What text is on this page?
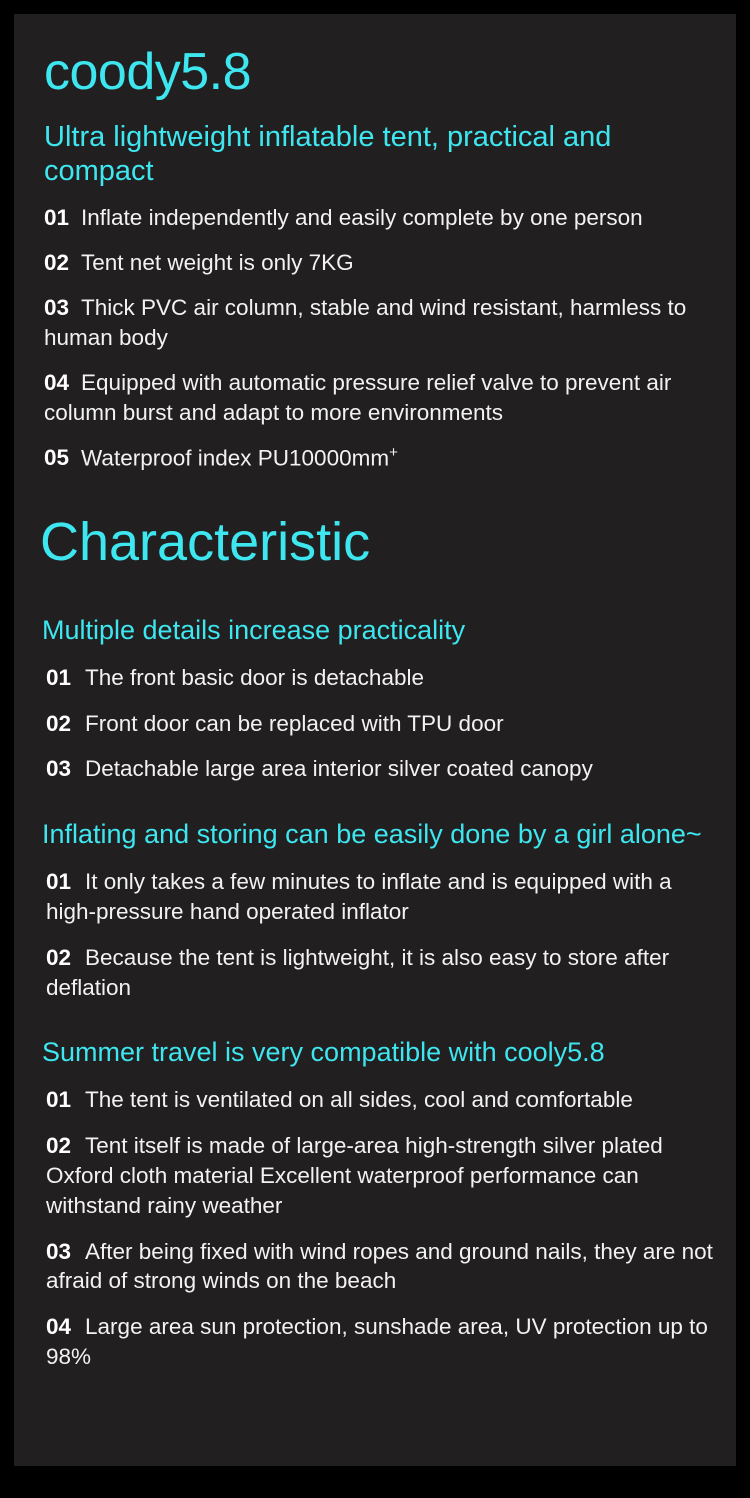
coody5.8
Ultra lightweight inflatable tent, practical and compact
01 Inflate independently and easily complete by one person
02 Tent net weight is only 7KG
03 Thick PVC air column, stable and wind resistant, harmless to human body
04 Equipped with automatic pressure relief valve to prevent air column burst and adapt to more environments
05 Waterproof index PU10000mm+
Characteristic
Multiple details increase practicality
01 The front basic door is detachable
02 Front door can be replaced with TPU door
03 Detachable large area interior silver coated canopy
Inflating and storing can be easily done by a girl alone~
01 It only takes a few minutes to inflate and is equipped with a high-pressure hand operated inflator
02 Because the tent is lightweight, it is also easy to store after deflation
Summer travel is very compatible with cooly5.8
01 The tent is ventilated on all sides, cool and comfortable
02 Tent itself is made of large-area high-strength silver plated Oxford cloth material Excellent waterproof performance can withstand rainy weather
03 After being fixed with wind ropes and ground nails, they are not afraid of strong winds on the beach
04 Large area sun protection, sunshade area, UV protection up to 98%
